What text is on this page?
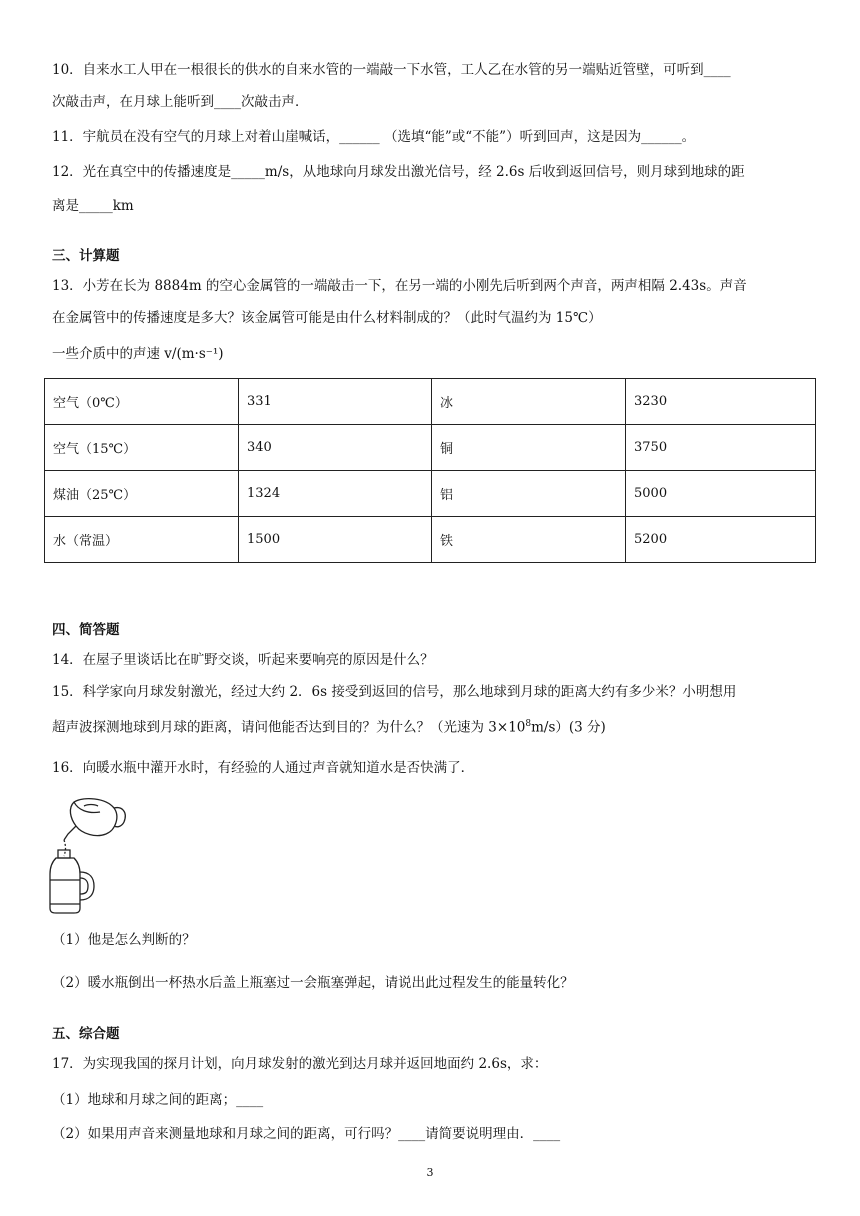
10．自来水工人甲在一根很长的供水的自来水管的一端敲一下水管，工人乙在水管的另一端贴近管壁，可听到____
次敲击声，在月球上能听到____次敲击声．
11．宇航员在没有空气的月球上对着山崖喊话，______ （选填“能”或“不能”）听到回声，这是因为______。
12．光在真空中的传播速度是_____m/s，从地球向月球发出激光信号，经 2.6s 后收到返回信号，则月球到地球的距
离是_____km
三、计算题
13．小芳在长为 8884m 的空心金属管的一端敲击一下，在另一端的小刚先后听到两个声音，两声相隔 2.43s。声音
在金属管中的传播速度是多大？该金属管可能是由什么材料制成的？（此时气温约为 15℃）
一些介质中的声速 v/(m·s⁻¹)
空气（0℃）	331	冰	3230
空气（15℃）	340	铜	3750
煤油（25℃）	1324	铝	5000
水（常温）	1500	铁	5200
四、简答题
14．在屋子里谈话比在旷野交谈，听起来要响亮的原因是什么？
15．科学家向月球发射激光，经过大约 2．6s 接受到返回的信号，那么地球到月球的距离大约有多少米？小明想用
超声波探测地球到月球的距离，请问他能否达到目的？为什么？（光速为 $3\times 10^8m/s)(3$ 分)
16．向暖水瓶中灌开水时，有经验的人通过声音就知道水是否快满了．
（1）他是怎么判断的？
（2）暖水瓶倒出一杯热水后盖上瓶塞过一会瓶塞弹起，请说出此过程发生的能量转化？
五、综合题
17．为实现我国的探月计划，向月球发射的激光到达月球并返回地面约 2.6s，求：
（1）地球和月球之间的距离；____
（2）如果用声音来测量地球和月球之间的距离，可行吗？____请简要说明理由．____
3
